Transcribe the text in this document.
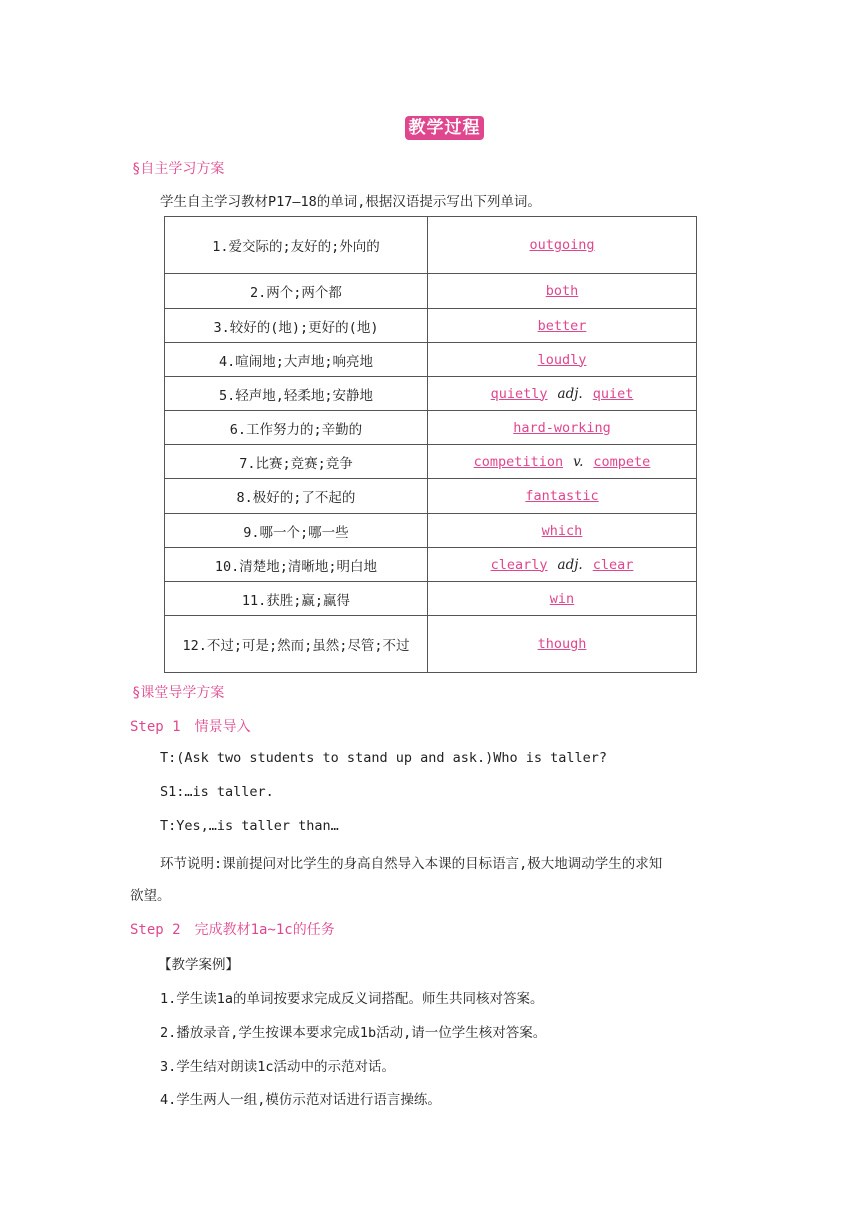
教学过程
§自主学习方案
学生自主学习教材P17—18的单词,根据汉语提示写出下列单词。
1.爱交际的;友好的;外向的	outgoing
2.两个;两个都	both
3.较好的(地);更好的(地)	better
4.喧闹地;大声地;响亮地	loudly
5.轻声地,轻柔地;安静地	quietly adj. quiet
6.工作努力的;辛勤的	hard-working
7.比赛;竞赛;竞争	competition v. compete
8.极好的;了不起的	fantastic
9.哪一个;哪一些	which
10.清楚地;清晰地;明白地	clearly adj. clear
11.获胜;赢;赢得	win
12.不过;可是;然而;虽然;尽管;不过	though
§课堂导学方案
Step 1　情景导入
T:(Ask two students to stand up and ask.)Who is taller?
S1:…is taller.
T:Yes,…is taller than…
环节说明:课前提问对比学生的身高自然导入本课的目标语言,极大地调动学生的求知
欲望。
Step 2　完成教材1a~1c的任务
【教学案例】
1.学生读1a的单词按要求完成反义词搭配。师生共同核对答案。
2.播放录音,学生按课本要求完成1b活动,请一位学生核对答案。
3.学生结对朗读1c活动中的示范对话。
4.学生两人一组,模仿示范对话进行语言操练。
